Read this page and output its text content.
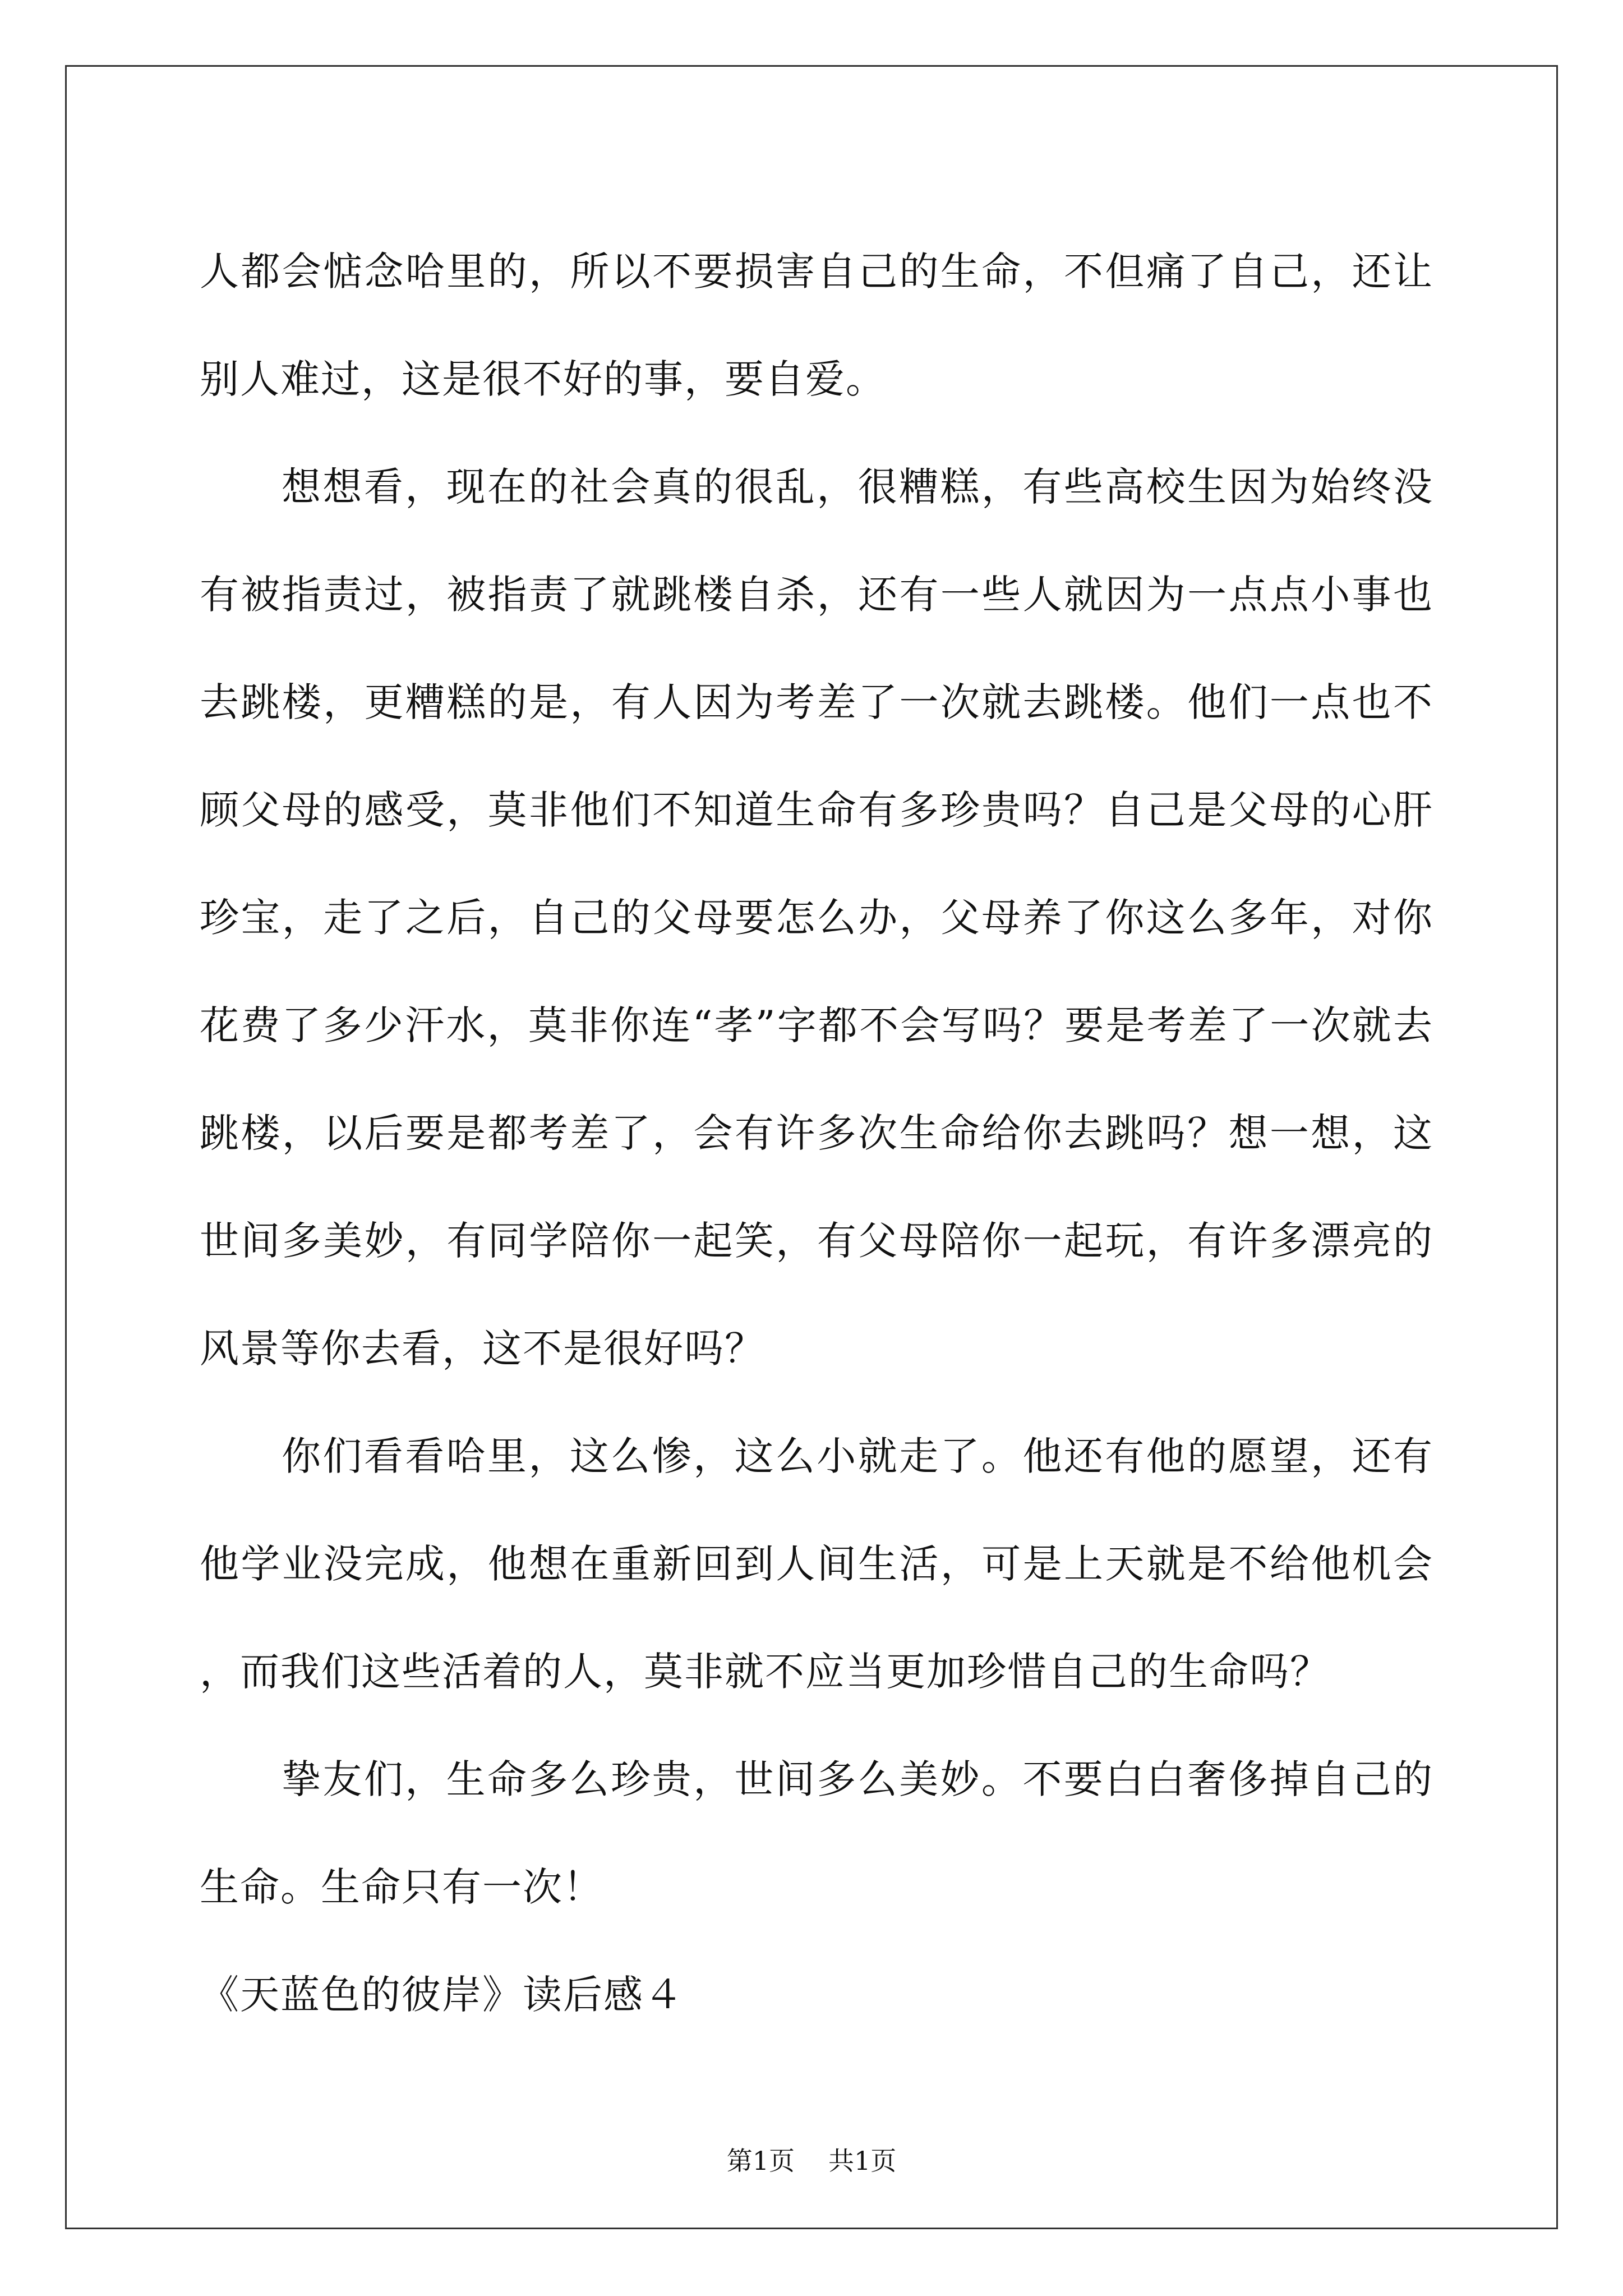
人都会惦念哈里的，所以不要损害自己的生命，不但痛了自己，还让别人难过，这是很不好的事，要自爱。

想想看，现在的社会真的很乱，很糟糕，有些高校生因为始终没有被指责过，被指责了就跳楼自杀，还有一些人就因为一点点小事也去跳楼，更糟糕的是，有人因为考差了一次就去跳楼。他们一点也不顾父母的感受，莫非他们不知道生命有多珍贵吗？自己是父母的心肝珍宝，走了之后，自己的父母要怎么办，父母养了你这么多年，对你花费了多少汗水，莫非你连“孝”字都不会写吗？要是考差了一次就去跳楼，以后要是都考差了，会有许多次生命给你去跳吗？想一想，这世间多美妙，有同学陪你一起笑，有父母陪你一起玩，有许多漂亮的风景等你去看，这不是很好吗？

你们看看哈里，这么惨，这么小就走了。他还有他的愿望，还有他学业没完成，他想在重新回到人间生活，可是上天就是不给他机会，而我们这些活着的人，莫非就不应当更加珍惜自己的生命吗？

挚友们，生命多么珍贵，世间多么美妙。不要白白奢侈掉自己的生命。生命只有一次！

《天蓝色的彼岸》读后感４

第1页 共1页
